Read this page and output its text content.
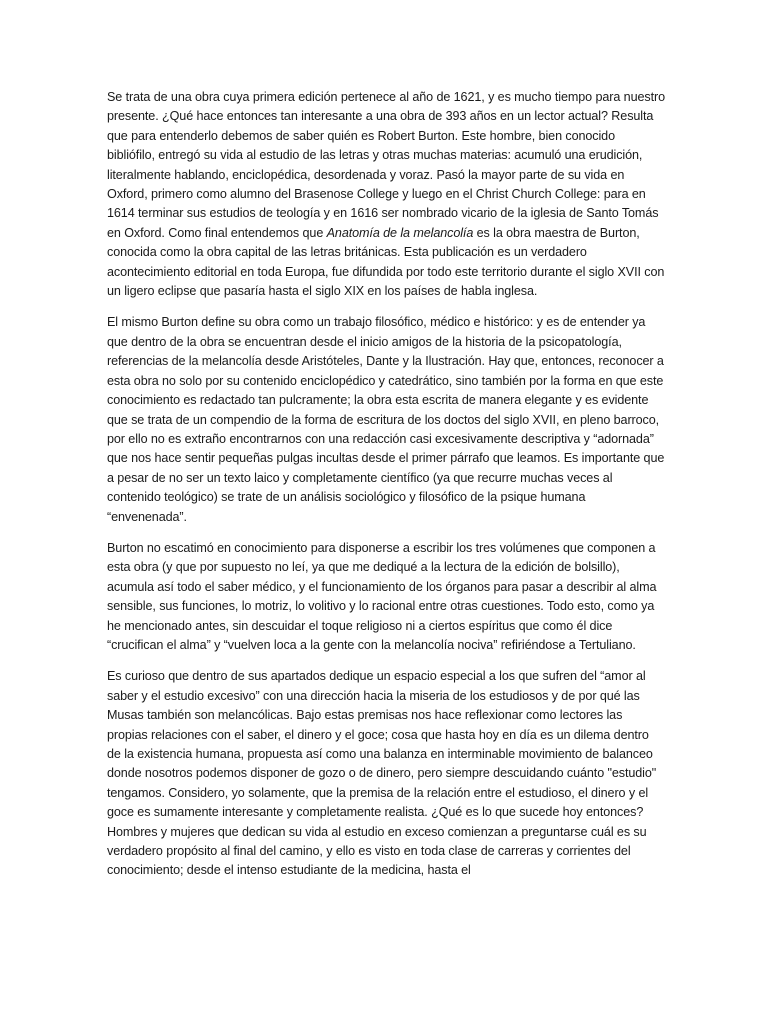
Se trata de una obra cuya primera edición pertenece al año de 1621, y es mucho tiempo para nuestro presente. ¿Qué hace entonces tan interesante a una obra de 393 años en un lector actual? Resulta que para entenderlo debemos de saber quién es Robert Burton. Este hombre, bien conocido bibliófilo, entregó su vida al estudio de las letras y otras muchas materias: acumuló una erudición, literalmente hablando, enciclopédica, desordenada y voraz. Pasó la mayor parte de su vida en Oxford, primero como alumno del Brasenose College y luego en el Christ Church College: para en 1614 terminar sus estudios de teología y en 1616 ser nombrado vicario de la iglesia de Santo Tomás en Oxford. Como final entendemos que Anatomía de la melancolía es la obra maestra de Burton, conocida como la obra capital de las letras británicas. Esta publicación es un verdadero acontecimiento editorial en toda Europa, fue difundida por todo este territorio durante el siglo XVII con un ligero eclipse que pasaría hasta el siglo XIX en los países de habla inglesa.

El mismo Burton define su obra como un trabajo filosófico, médico e histórico: y es de entender ya que dentro de la obra se encuentran desde el inicio amigos de la historia de la psicopatología, referencias de la melancolía desde Aristóteles, Dante y la Ilustración. Hay que, entonces, reconocer a esta obra no solo por su contenido enciclopédico y catedrático, sino también por la forma en que este conocimiento es redactado tan pulcramente; la obra esta escrita de manera elegante y es evidente que se trata de un compendio de la forma de escritura de los doctos del siglo XVII, en pleno barroco, por ello no es extraño encontrarnos con una redacción casi excesivamente descriptiva y “adornada” que nos hace sentir pequeñas pulgas incultas desde el primer párrafo que leamos. Es importante que a pesar de no ser un texto laico y completamente científico (ya que recurre muchas veces al contenido teológico) se trate de un análisis sociológico y filosófico de la psique humana “envenenada”.

Burton no escatimó en conocimiento para disponerse a escribir los tres volúmenes que componen a esta obra (y que por supuesto no leí, ya que me dediqué a la lectura de la edición de bolsillo), acumula así todo el saber médico, y el funcionamiento de los órganos para pasar a describir al alma sensible, sus funciones, lo motriz, lo volitivo y lo racional entre otras cuestiones. Todo esto, como ya he mencionado antes, sin descuidar el toque religioso ni a ciertos espíritus que como él dice “crucifican el alma” y “vuelven loca a la gente con la melancolía nociva” refiriéndose a Tertuliano.

Es curioso que dentro de sus apartados dedique un espacio especial a los que sufren del “amor al saber y el estudio excesivo” con una dirección hacia la miseria de los estudiosos y de por qué las Musas también son melancólicas. Bajo estas premisas nos hace reflexionar como lectores las propias relaciones con el saber, el dinero y el goce; cosa que hasta hoy en día es un dilema dentro de la existencia humana, propuesta así como una balanza en interminable movimiento de balanceo donde nosotros podemos disponer de gozo o de dinero, pero siempre descuidando cuánto "estudio" tengamos. Considero, yo solamente, que la premisa de la relación entre el estudioso, el dinero y el goce es sumamente interesante y completamente realista. ¿Qué es lo que sucede hoy entonces? Hombres y mujeres que dedican su vida al estudio en exceso comienzan a preguntarse cuál es su verdadero propósito al final del camino, y ello es visto en toda clase de carreras y corrientes del conocimiento; desde el intenso estudiante de la medicina, hasta el
